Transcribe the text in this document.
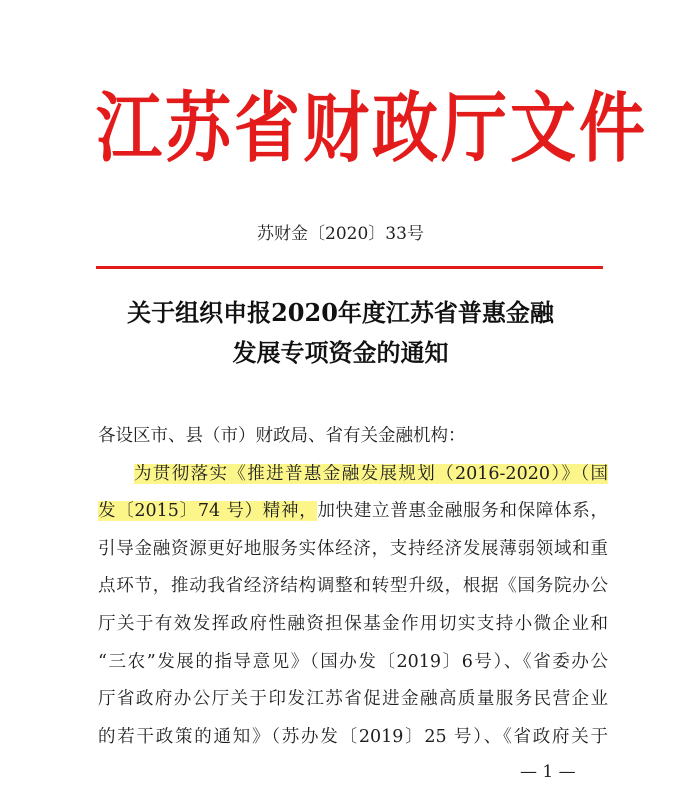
江苏省财政厅文件
苏财金〔2020〕33号
关于组织申报2020年度江苏省普惠金融
发展专项资金的通知
各设区市、县（市）财政局、省有关金融机构：
为贯彻落实《推进普惠金融发展规划（2016-2020）》（国
发〔2015〕74 号）精神，加快建立普惠金融服务和保障体系，
引导金融资源更好地服务实体经济，支持经济发展薄弱领域和重
点环节，推动我省经济结构调整和转型升级，根据《国务院办公
厅关于有效发挥政府性融资担保基金作用切实支持小微企业和
“三农”发展的指导意见》（国办发〔2019〕6号）、《省委办公
厅省政府办公厅关于印发江苏省促进金融高质量服务民营企业
的若干政策的通知》（苏办发〔2019〕25 号）、《省政府关于
— 1 —
